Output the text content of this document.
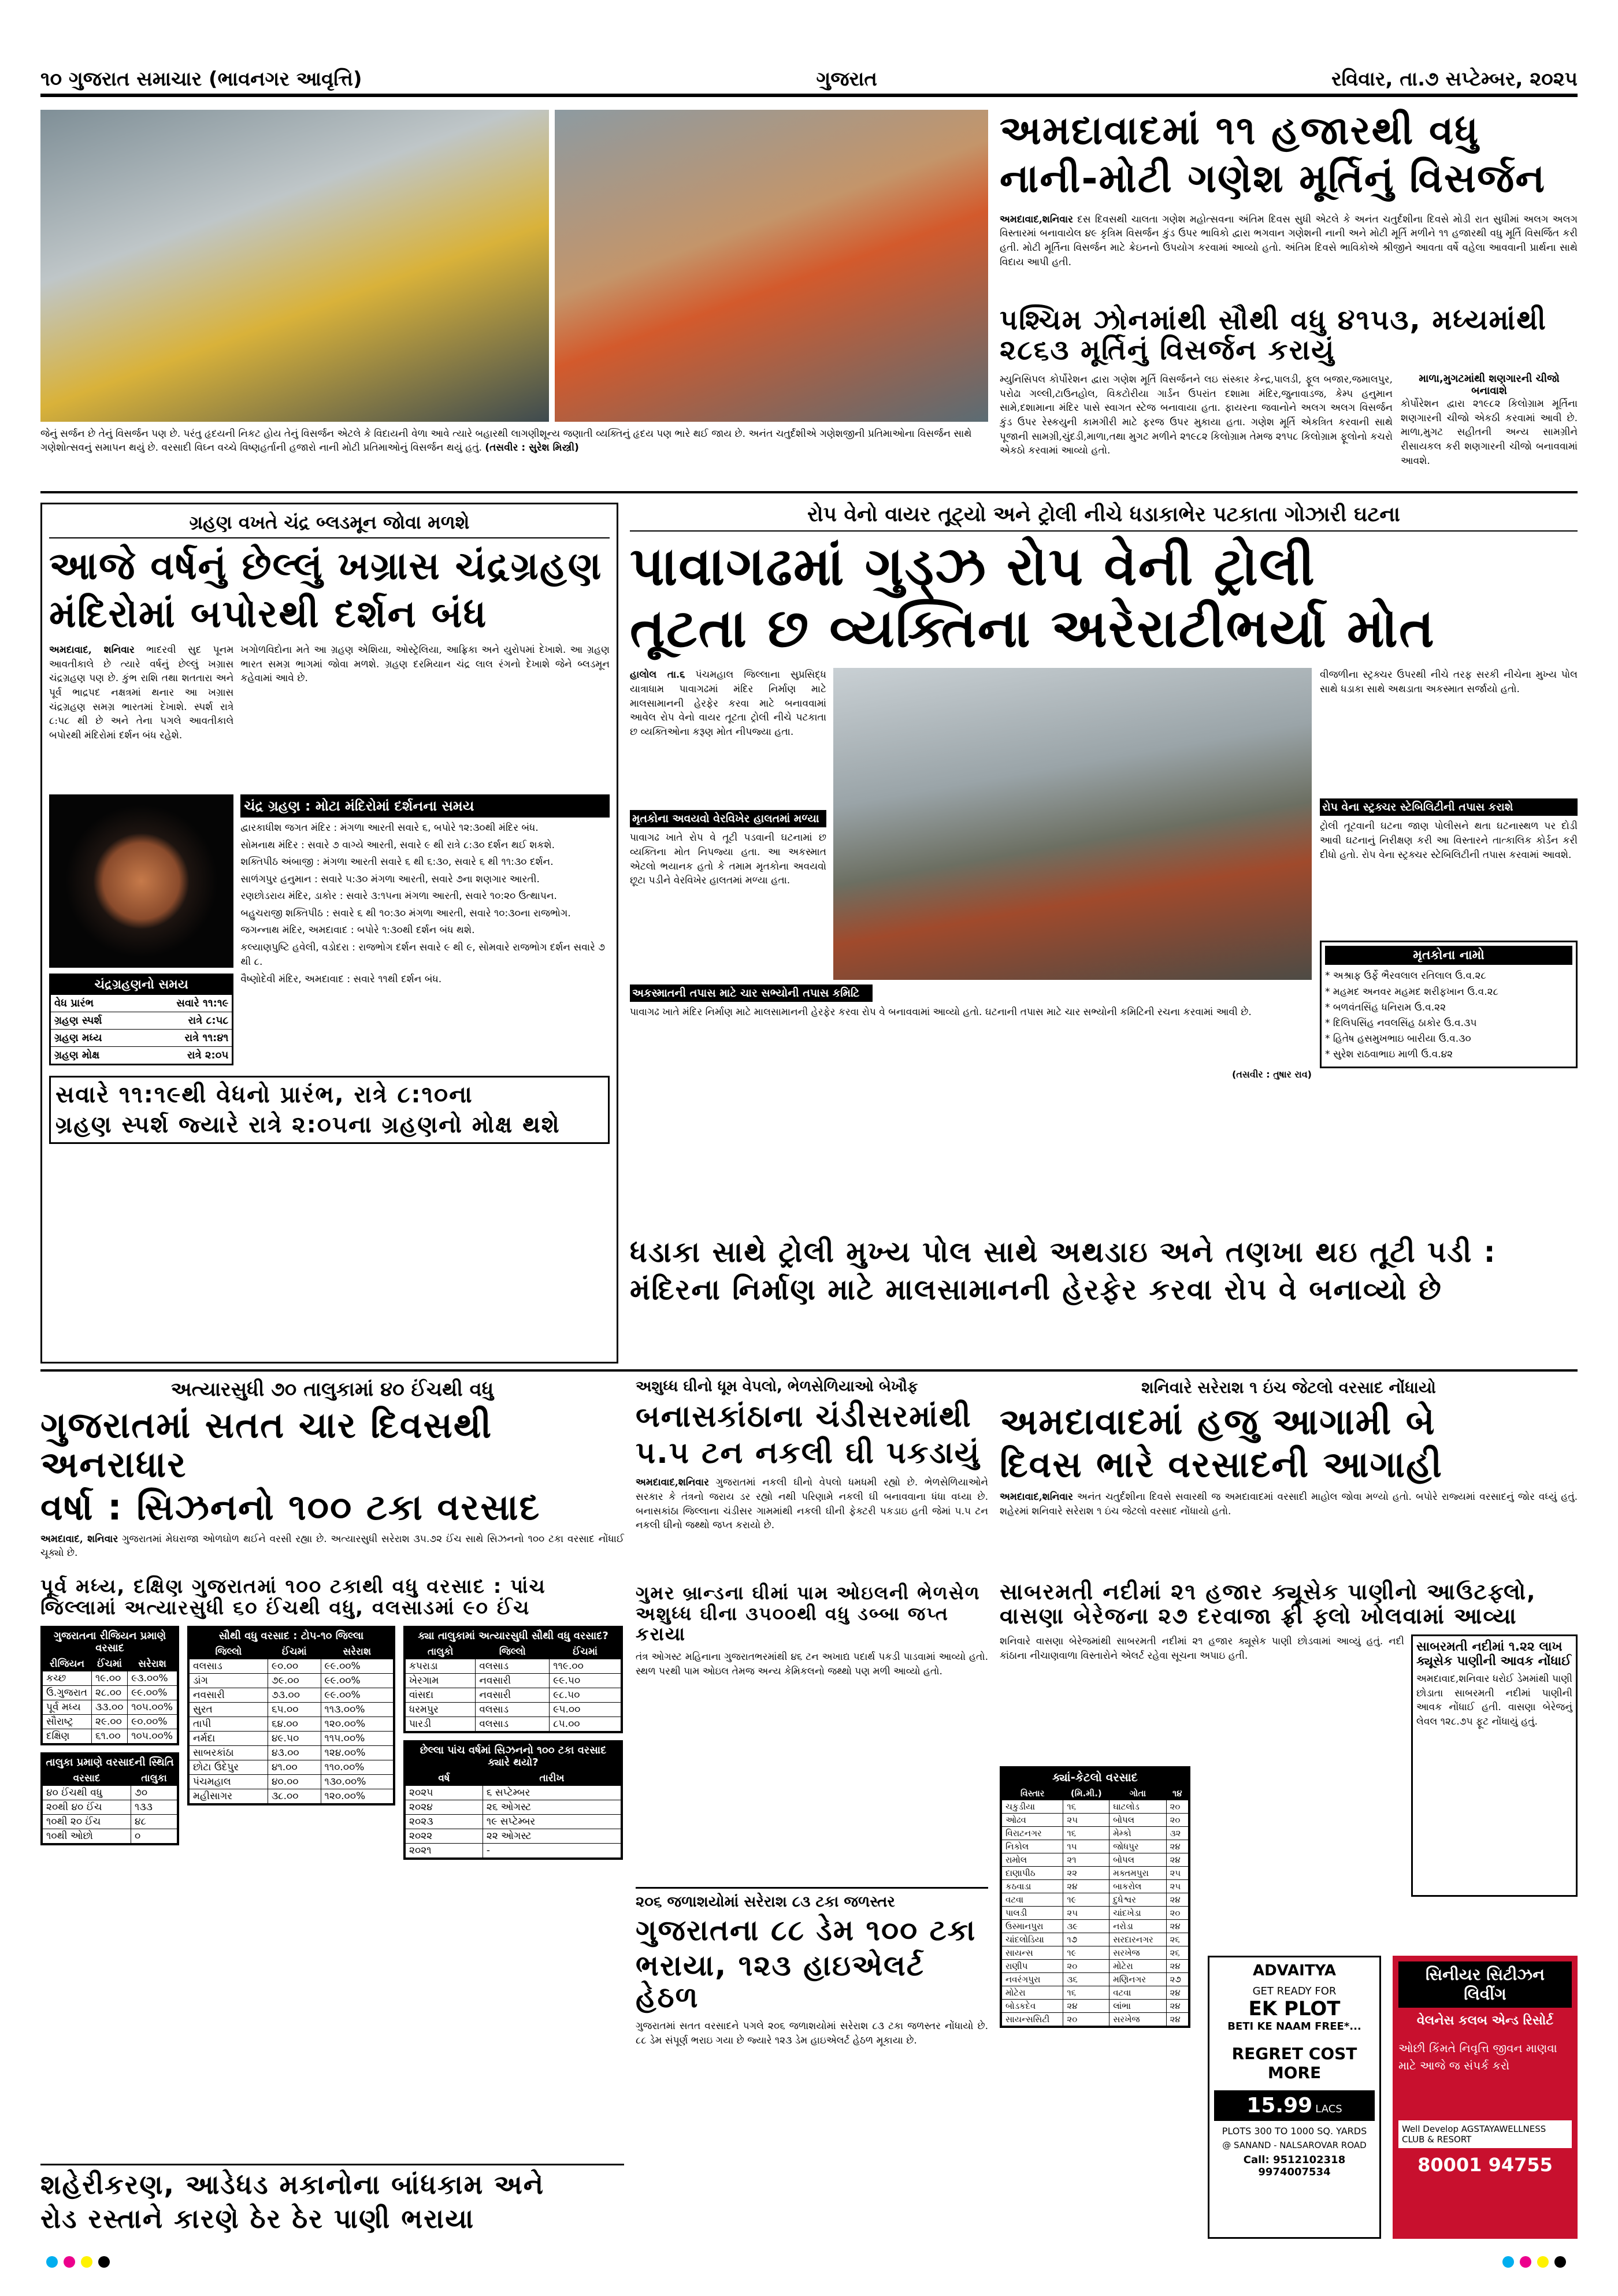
૧૦ ગુજરાત સમાચાર (ભાવનગર આવૃત્તિ)	ગુજરાત	રવિવાર, તા.૭ સપ્ટેમ્બર, ૨૦૨૫
જેનું સર્જન છે તેનું વિસર્જન પણ છે. પરંતુ હૃદયની નિકટ હોય તેનું વિસર્જન એટલે કે વિદાયની વેળા આવે ત્યારે બહારથી લાગણીશૂન્ય જણાતી વ્યક્તિનું હૃદય પણ ભારે થઈ જાય છે. અનંત ચતુર્દશીએ ગણેશજીની પ્રતિમાઓના વિસર્જન સાથે ગણેશોત્સવનું સમાપન થયું છે. વરસાદી વિઘ્ન વચ્ચે વિષ્ણહર્તાની હજારો નાની મોટી પ્રતિમાઓનું વિસર્જન થયું હતું. (તસવીર : સુરેશ મિસ્ત્રી)
અમદાવાદમાં ૧૧ હજારથી વધુ
નાની-મોટી ગણેશ મૂર્તિનું વિસર્જન
અમદાવાદ,શનિવાર દસ દિવસથી ચાલતા ગણેશ મહોત્સવના અંતિમ દિવસ સુધી એટલે કે અનંત ચતુર્દશીના દિવસે મોડી રાત સુધીમાં અલગ અલગ વિસ્તારમાં બનાવાયેલ ૪૯ કૃત્રિમ વિસર્જન કુંડ ઉપર ભાવિકો દ્વારા ભગવાન ગણેશની નાની અને મોટી મૂર્તિ મળીને ૧૧ હજારથી વધુ મૂર્તિ વિસર્જિત કરી હતી. મોટી મૂર્તિના વિસર્જન માટે ક્રેઇનનો ઉપયોગ કરવામાં આવ્યો હતો. અંતિમ દિવસે ભાવિકોએ શ્રીજીને આવતા વર્ષે વહેલા આવવાની પ્રાર્થના સાથે વિદાય આપી હતી.
પશ્ચિમ ઝોનમાંથી સૌથી વધુ ૪૧૫૩, મધ્યમાંથી ૨૮૬૩ મૂર્તિનું વિસર્જન કરાયું
મ્યુનિસિપલ કોર્પોરેશન દ્વારા ગણેશ મૂર્તિ વિસર્જનને લઇ સંસ્કાર કેન્દ્ર,પાલડી, ફૂલ બજાર,જમાલપુર, પરોઢા ગલ્લી,ટાઉનહોલ, વિકટોરીયા ગાર્ડન ઉપરાંત દશામા મંદિર,જુનાવાડજ, કેમ્પ હનુમાન સામે,દશામાના મંદિર પાસે સ્વાગત સ્ટેજ બનાવાયા હતા. ફાયરના જવાનોને અલગ અલગ વિસર્જન કુંડ ઉપર રેસ્કયુની કામગીરી માટે ફરજ ઉપર મુકાયા હતા. ગણેશ મૂર્તિ એકત્રિત કરવાની સાથે પૂજાની સામગ્રી,ચુંદડી,માળા,તથા મુગટ મળીને ૨૧૯૮૨ કિલોગ્રામ તેમજ ૨૧૫૮ કિલોગ્રામ ફૂલોનો કચરો એકઠો કરવામાં આવ્યો હતો.
માળા,મુગટમાંથી શણગારની ચીજો બનાવાશે
કોર્પોરેશન દ્વારા ૨૧૯૮૨ કિલોગ્રામ મૂર્તિના શણગારની ચીજો એકઠી કરવામાં આવી છે. માળા,મુગટ સહીતની અન્ય સામગ્રીને રીસાયકલ કરી શણગારની ચીજો બનાવવામાં આવશે.
ગ્રહણ વખતે ચંદ્ર બ્લડમૂન જોવા મળશે
આજે વર્ષનું છેલ્લું ખગ્રાસ ચંદ્રગ્રહણ
મંદિરોમાં બપોરથી દર્શન બંધ
અમદાવાદ, શનિવાર ભાદરવી સુદ પૂનમ આવતીકાલે છે ત્યારે વર્ષનું છેલ્લું ખગ્રાસ ચંદ્રગ્રહણ પણ છે. કુંભ રાશિ તથા શતતારા અને પૂર્વ ભાદ્રપદ નક્ષત્રમાં થનાર આ ખગ્રાસ ચંદ્રગ્રહણ સમગ્ર ભારતમાં દેખાશે. સ્પર્શ રાત્રે ૮:૫૮ થી છે અને તેના પગલે આવતીકાલે બપોરથી મંદિરોમાં દર્શન બંધ રહેશે.
ખગોળવિદોના મતે આ ગ્રહણ એશિયા, ઓસ્ટ્રેલિયા, આફ્રિકા અને યુરોપમાં દેખાશે. આ ગ્રહણ ભારત સમગ્ર ભાગમાં જોવા મળશે. ગ્રહણ દરમિયાન ચંદ્ર લાલ રંગનો દેખાશે જેને બ્લડમૂન કહેવામાં આવે છે.
ચંદ્રગ્રહણનો સમય
વેધ પ્રારંભ	સવારે ૧૧:૧૯
ગ્રહણ સ્પર્શ	રાત્રે ૮:૫૮
ગ્રહણ મધ્ય	રાત્રે ૧૧:૪૧
ગ્રહણ મોક્ષ	રાત્રે ૨:૦૫
ચંદ્ર ગ્રહણ : મોટા મંદિરોમાં દર્શનના સમય
દ્વારકાધીશ જગત મંદિર : મંગળા આરતી સવારે ૬, બપોરે ૧૨:૩૦થી મંદિર બંધ.
સોમનાથ મંદિર : સવારે ૭ વાગ્યે આરતી, સવારે ૯ થી રાત્રે ૮:૩૦ દર્શન થઈ શકશે.
શક્તિપીઠ અંબાજી : મંગળા આરતી સવારે ૬ થી ૬:૩૦, સવારે ૬ થી ૧૧:૩૦ દર્શન.
સાળંગપુર હનુમાન : સવારે ૫:૩૦ મંગળા આરતી, સવારે ૭ના શણગાર આરતી.
રણછોડરાય મંદિર, ડાકોર : સવારે ૩:૧૫ના મંગળા આરતી, સવારે ૧૦:૨૦ ઉત્થાપન.
બહુચરાજી શક્તિપીઠ : સવારે ૬ થી ૧૦:૩૦ મંગળા આરતી, સવારે ૧૦:૩૦ના રાજભોગ.
જગન્નાથ મંદિર, અમદાવાદ : બપોરે ૧:૩૦થી દર્શન બંધ થશે.
કલ્યાણપુષ્ટિ હવેલી, વડોદરા : રાજભોગ દર્શન સવારે ૯ થી ૯, સોમવારે રાજભોગ દર્શન સવારે ૭ થી ૮.
વૈષ્ણોદેવી મંદિર, અમદાવાદ : સવારે ૧૧થી દર્શન બંધ.
સવારે ૧૧:૧૯થી વેધનો પ્રારંભ, રાત્રે ૮:૧૦ના
ગ્રહણ સ્પર્શ જ્યારે રાત્રે ૨:૦૫ના ગ્રહણનો મોક્ષ થશે
રોપ વેનો વાયર તૂટ્યો અને ટ્રોલી નીચે ધડાકાભેર પટકાતા ગોઝારી ઘટના
પાવાગઢમાં ગુડ્ઝ રોપ વેની ટ્રોલી
તૂટતા છ વ્યક્તિના અરેરાટીભર્યા મોત
હાલોલ તા.૬ પંચમહાલ જિલ્લાના સુપ્રસિદ્ધ યાત્રાધામ પાવાગઢમાં મંદિર નિર્માણ માટે માલસામાનની હેરફેર કરવા માટે બનાવવામાં આવેલ રોપ વેનો વાયર તૂટતા ટ્રોલી નીચે પટકાતા છ વ્યક્તિઓના કરૂણ મોત નીપજ્યા હતા.
મૃતકોના અવયવો વેરવિખેર હાલતમાં મળ્યા
પાવાગઢ ખાતે રોપ વે તૂટી પડવાની ઘટનામાં છ વ્યક્તિના મોત નિપજ્યા હતા. આ અકસ્માત એટલો ભયાનક હતો કે તમામ મૃતકોના અવયવો છૂટા પડીને વેરવિખેર હાલતમાં મળ્યા હતા.
અકસ્માતની તપાસ માટે ચાર સભ્યોની તપાસ કમિટિ
પાવાગઢ ખાતે મંદિર નિર્માણ માટે માલસામાનની હેરફેર કરવા રોપ વે બનાવવામાં આવ્યો હતો. ઘટનાની તપાસ માટે ચાર સભ્યોની કમિટિની રચના કરવામાં આવી છે.
(તસવીર : તુષાર રાવ)
વીજળીના સ્ટ્રક્ચર ઉપરથી નીચે તરફ સરકી નીચેના મુખ્ય પોલ સાથે ધડાકા સાથે અથડાતા અકસ્માત સર્જાયો હતો.
રોપ વેના સ્ટ્રક્ચર સ્ટેબિલિટીની તપાસ કરાશે
ટ્રોલી તૂટવાની ઘટના જાણ પોલીસને થતા ઘટનાસ્થળ પર દોડી આવી ઘટનાનું નિરીક્ષણ કરી આ વિસ્તારને તાત્કાલિક કોર્ડન કરી દીધો હતો. રોપ વેના સ્ટ્રક્ચર સ્ટેબિલિટીની તપાસ કરવામાં આવશે.
મૃતકોના નામો
* અશ્રાફ ઉર્ફે ભૈરવલાલ રતિલાલ ઉ.વ.૨૮
* મહમદ અનવર મહમદ શરીફખાન ઉ.વ.૨૮
* બળવંતસિંહ ધનિરામ ઉ.વ.૨૨
* દિલિપસિંહ નવલસિંહ ઠાકોર ઉ.વ.૩૫
* હિતેષ હસમુખભાઇ બારીયા ઉ.વ.૩૦
* સુરેશ રાઠવાભાઇ માળી ઉ.વ.૪૨
ધડાકા સાથે ટ્રોલી મુખ્ય પોલ સાથે અથડાઇ અને તણખા થઇ તૂટી પડી :
મંદિરના નિર્માણ માટે માલસામાનની હેરફેર કરવા રોપ વે બનાવ્યો છે
અત્યારસુધી ૭૦ તાલુકામાં ૪૦ ઈંચથી વધુ
ગુજરાતમાં સતત ચાર દિવસથી અનરાધાર
વર્ષા : સિઝનનો ૧૦૦ ટકા વરસાદ
અમદાવાદ, શનિવાર ગુજરાતમાં મેઘરાજા ઓળઘોળ થઈને વરસી રહ્યા છે. અત્યારસુધી સરેરાશ ૩૫.૭૨ ઈંચ સાથે સિઝનનો ૧૦૦ ટકા વરસાદ નોંધાઈ ચૂક્યો છે.
પૂર્વ મધ્ય, દક્ષિણ ગુજરાતમાં ૧૦૦ ટકાથી વધુ વરસાદ : પાંચ જિલ્લામાં અત્યારસુધી ૬૦ ઈંચથી વધુ, વલસાડમાં ૯૦ ઈંચ
ગુજરાતના રીજિયન પ્રમાણે વરસાદ
રીજિયન	ઈંચમાં	સરેરાશ
કચ્છ	૧૯.૦૦	૯૩.૦૦%
ઉ.ગુજરાત	૨૮.૦૦	૯૯.૦૦%
પૂર્વ મધ્ય	૩૩.૦૦	૧૦૫.૦૦%
સૌરાષ્ટ્ર	૨૯.૦૦	૯૦.૦૦%
દક્ષિણ	૬૧.૦૦	૧૦૫.૦૦%
તાલુકા પ્રમાણે વરસાદની સ્થિતિ
વરસાદ	તાલુકા
૪૦ ઈંચથી વધુ	૭૦
૨૦થી ૪૦ ઈંચ	૧૩૩
૧૦થી ૨૦ ઈંચ	૪૮
૧૦થી ઓછો	૦
સૌથી વધુ વરસાદ : ટોપ-૧૦ જિલ્લા
જિલ્લો	ઈંચમાં	સરેરાશ
વલસાડ	૯૦.૦૦	૯૯.૦૦%
ડાંગ	૭૯.૦૦	૯૯.૦૦%
નવસારી	૭૩.૦૦	૯૯.૦૦%
સુરત	૬૫.૦૦	૧૧૩.૦૦%
તાપી	૬૪.૦૦	૧૨૦.૦૦%
નર્મદા	૪૯.૫૦	૧૧૫.૦૦%
સાબરકાંઠા	૪૩.૦૦	૧૨૪.૦૦%
છોટા ઉદેપુર	૪૧.૦૦	૧૧૦.૦૦%
પંચમહાલ	૪૦.૦૦	૧૩૦.૦૦%
મહીસાગર	૩૮.૦૦	૧૨૦.૦૦%
ક્યા તાલુકામાં અત્યારસુધી સૌથી વધુ વરસાદ?
તાલુકો	જિલ્લો	ઈંચમાં
કપરાડા	વલસાડ	૧૧૯.૦૦
ખેરગામ	નવસારી	૯૯.૫૦
વાંસદા	નવસારી	૯૮.૫૦
ધરમપુર	વલસાડ	૯૫.૦૦
પારડી	વલસાડ	૮૫.૦૦
છેલ્લા પાંચ વર્ષમાં સિઝનનો ૧૦૦ ટકા વરસાદ ક્યારે થયો?
વર્ષ	તારીખ
૨૦૨૫	૬ સપ્ટેમ્બર
૨૦૨૪	૨૬ ઓગસ્ટ
૨૦૨૩	૧૯ સપ્ટેમ્બર
૨૦૨૨	૨૨ ઓગસ્ટ
૨૦૨૧	-
શહેરીકરણ, આડેધડ મકાનોના બાંધકામ અને
રોડ રસ્તાને કારણે ઠેર ઠેર પાણી ભરાયા
અશુધ્ધ ઘીનો ધૂમ વેપલો, ભેળસેળિયાઓ બેખૌફ
બનાસકાંઠાના ચંડીસરમાંથી
૫.૫ ટન નકલી ઘી પકડાયું
અમદાવાદ,શનિવાર ગુજરાતમાં નકલી ઘીનો વેપલો ધમધમી રહ્યો છે. ભેળસેળિયાઓને સરકાર કે તંત્રનો જરાય ડર રહ્યો નથી પરિણામે નકલી ઘી બનાવવાના ધંધા વધ્યા છે. બનાસકાંઠા જિલ્લાના ચંડીસર ગામમાંથી નકલી ઘીની ફેક્ટરી પકડાઇ હતી જેમાં ૫.૫ ટન નકલી ઘીનો જથ્થો જપ્ત કરાયો છે.
ગુમર બ્રાન્ડના ઘીમાં પામ ઓઇલની ભેળસેળ અશુધ્ધ ઘીના ૩૫૦૦થી વધુ ડબ્બા જપ્ત કરાયા
તંત્ર ઓગસ્ટ મહિનાના ગુજરાતભરમાંથી ૪૬ ટન અખાદ્ય પદાર્થ પકડી પાડવામાં આવ્યો હતો. સ્થળ પરથી પામ ઓઇલ તેમજ અન્ય કેમિકલનો જથ્થો પણ મળી આવ્યો હતો.
૨૦૬ જળાશયોમાં સરેરાશ ૮૩ ટકા જળસ્તર
ગુજરાતના ૮૮ ડેમ ૧૦૦ ટકા
ભરાયા, ૧૨૩ હાઇએલર્ટ હેઠળ
ગુજરાતમાં સતત વરસાદને પગલે ૨૦૬ જળાશયોમાં સરેરાશ ૮૩ ટકા જળસ્તર નોંધાયો છે. ૮૮ ડેમ સંપૂર્ણ ભરાઇ ગયા છે જ્યારે ૧૨૩ ડેમ હાઇએલર્ટ હેઠળ મૂકાયા છે.
શનિવારે સરેરાશ ૧ ઇંચ જેટલો વરસાદ નોંધાયો
અમદાવાદમાં હજુ આગામી બે
દિવસ ભારે વરસાદની આગાહી
અમદાવાદ,શનિવાર અનંત ચતુર્દશીના દિવસે સવારથી જ અમદાવાદમાં વરસાદી માહોલ જોવા મળ્યો હતો. બપોરે રાજ્યમાં વરસાદનું જોર વધ્યું હતું. શહેરમાં શનિવારે સરેરાશ ૧ ઇંચ જેટલો વરસાદ નોંધાયો હતો.
સાબરમતી નદીમાં ૨૧ હજાર ક્યૂસેક પાણીનો આઉટફ્લો, વાસણા બેરેજના ૨૭ દરવાજા ફ્રી ફ્લો ખોલવામાં આવ્યા
શનિવારે વાસણા બેરેજમાંથી સાબરમતી નદીમાં ૨૧ હજાર ક્યૂસેક પાણી છોડવામાં આવ્યું હતું. નદી કાંઠાના નીચાણવાળા વિસ્તારોને એલર્ટ રહેવા સૂચના અપાઇ હતી.
ક્યાં-કેટલો વરસાદ
વિસ્તાર	(મિ.મી.)	ગોતા	૧૪
ચકુડીયા	૧૬	ઘાટલોડ	૨૦
ઓઢવ	૨૫	બોપલ	૨૦
વિરાટનગર	૧૬	મેમ્કો	૩૨
નિકોલ	૧૫	જોધપુર	૨૪
રામોલ	૨૧	બોપલ	૨૪
દાણાપીઠ	૨૨	મક્તમપુરા	૨૫
કઠવાડા	૨૪	બાકરોલ	૨૫
વટવા	૧૯	દુધેશ્વર	૨૪
પાલડી	૨૫	ચાંદખેડા	૨૦
ઉસ્માનપુરા	૩૯	નરોડા	૨૪
ચાંદલોડિયા	૧૭	સરદારનગર	૨૬
સાયન્સ	૧૯	સરખેજ	૨૬
રાણીપ	૨૦	મોટેરા	૨૪
નવરંગપુરા	૩૬	મણિનગર	૨૭
મોટેરા	૧૬	વટવા	૨૪
બોડકદેવ	૨૪	લાંભા	૨૪
સાયન્સસિટી	૨૦	સરખેજ	૨૪
સાબરમતી નદીમાં ૧.૨૨ લાખ ક્યૂસેક પાણીની આવક નોંધાઈ
અમદાવાદ,શનિવાર ધરોઈ ડેમમાંથી પાણી છોડાતા સાબરમતી નદીમાં પાણીની આવક નોંધાઈ હતી. વાસણા બેરેજનું લેવલ ૧૨૮.૭૫ ફૂટ નોંધાયું હતું.
ADVAITYA
GET READY FOR
EK PLOT
BETI KE NAAM FREE*...
REGRET COST MORE
15.99 LACS
PLOTS 300 TO 1000 SQ. YARDS
@ SANAND - NALSAROVAR ROAD
Call: 9512102318
9974007534
સિનીયર સિટીઝન લિવીંગ
વેલનેસ કલબ એન્ડ રિસોર્ટ
ઓછી કિંમતે નિવૃત્તિ જીવન માણવા માટે આજે જ સંપર્ક કરો
Well Develop AGSTAYAWELLNESS CLUB & RESORT
80001 94755
